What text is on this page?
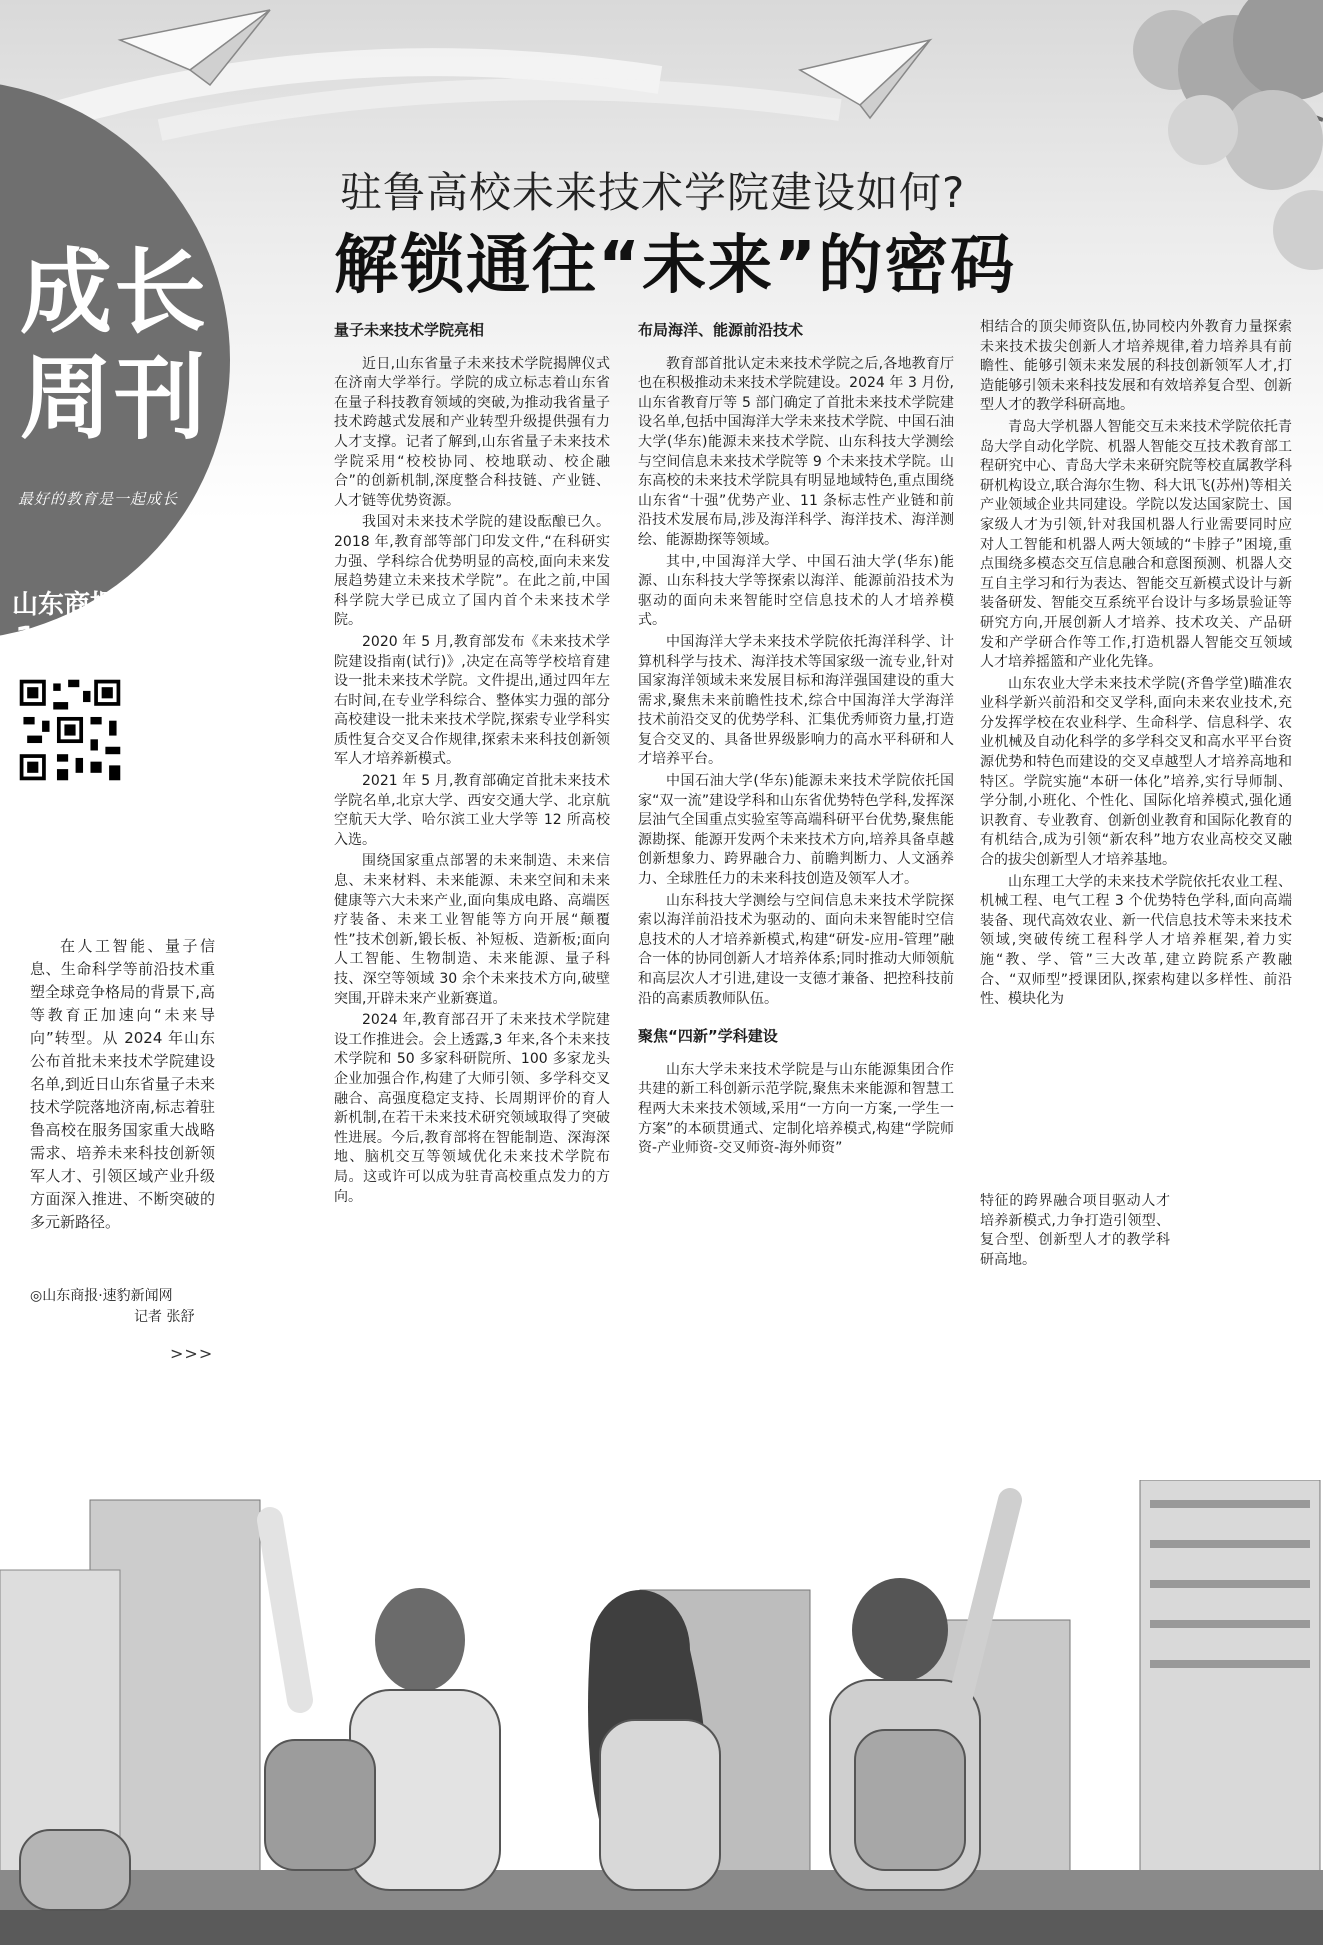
成长
周刊
最好的教育是一起成长
山东商报
11
2025.5.1
星期四
责编 / 赵天羿
设计 / 王李君
驻鲁高校未来技术学院建设如何?
解锁通往“未来”的密码
在人工智能、量子信息、生命科学等前沿技术重塑全球竞争格局的背景下,高等教育正加速向“未来导向”转型。从 2024 年山东公布首批未来技术学院建设名单,到近日山东省量子未来技术学院落地济南,标志着驻鲁高校在服务国家重大战略需求、培养未来科技创新领军人才、引领区域产业升级方面深入推进、不断突破的多元新路径。
◎山东商报·速豹新闻网
记者 张舒
>>>
量子未来技术学院亮相

近日,山东省量子未来技术学院揭牌仪式在济南大学举行。学院的成立标志着山东省在量子科技教育领域的突破,为推动我省量子技术跨越式发展和产业转型升级提供强有力人才支撑。记者了解到,山东省量子未来技术学院采用“校校协同、校地联动、校企融合”的创新机制,深度整合科技链、产业链、人才链等优势资源。

我国对未来技术学院的建设酝酿已久。2018 年,教育部等部门印发文件,“在科研实力强、学科综合优势明显的高校,面向未来发展趋势建立未来技术学院”。在此之前,中国科学院大学已成立了国内首个未来技术学院。

2020 年 5 月,教育部发布《未来技术学院建设指南(试行)》,决定在高等学校培育建设一批未来技术学院。文件提出,通过四年左右时间,在专业学科综合、整体实力强的部分高校建设一批未来技术学院,探索专业学科实质性复合交叉合作规律,探索未来科技创新领军人才培养新模式。

2021 年 5 月,教育部确定首批未来技术学院名单,北京大学、西安交通大学、北京航空航天大学、哈尔滨工业大学等 12 所高校入选。

围绕国家重点部署的未来制造、未来信息、未来材料、未来能源、未来空间和未来健康等六大未来产业,面向集成电路、高端医疗装备、未来工业智能等方向开展“颠覆性”技术创新,锻长板、补短板、造新板;面向人工智能、生物制造、未来能源、量子科技、深空等领域 30 余个未来技术方向,破壁突围,开辟未来产业新赛道。

2024 年,教育部召开了未来技术学院建设工作推进会。会上透露,3 年来,各个未来技术学院和 50 多家科研院所、100 多家龙头企业加强合作,构建了大师引领、多学科交叉融合、高强度稳定支持、长周期评价的育人新机制,在若干未来技术研究领域取得了突破性进展。今后,教育部将在智能制造、深海深地、脑机交互等领域优化未来技术学院布局。这或许可以成为驻青高校重点发力的方向。

布局海洋、能源前沿技术

教育部首批认定未来技术学院之后,各地教育厅也在积极推动未来技术学院建设。2024 年 3 月份,山东省教育厅等 5 部门确定了首批未来技术学院建设名单,包括中国海洋大学未来技术学院、中国石油大学(华东)能源未来技术学院、山东科技大学测绘与空间信息未来技术学院等 9 个未来技术学院。山东高校的未来技术学院具有明显地域特色,重点围绕山东省“十强”优势产业、11 条标志性产业链和前沿技术发展布局,涉及海洋科学、海洋技术、海洋测绘、能源勘探等领域。

其中,中国海洋大学、中国石油大学(华东)能源、山东科技大学等探索以海洋、能源前沿技术为驱动的面向未来智能时空信息技术的人才培养模式。

中国海洋大学未来技术学院依托海洋科学、计算机科学与技术、海洋技术等国家级一流专业,针对国家海洋领域未来发展目标和海洋强国建设的重大需求,聚焦未来前瞻性技术,综合中国海洋大学海洋技术前沿交叉的优势学科、汇集优秀师资力量,打造复合交叉的、具备世界级影响力的高水平科研和人才培养平台。

中国石油大学(华东)能源未来技术学院依托国家“双一流”建设学科和山东省优势特色学科,发挥深层油气全国重点实验室等高端科研平台优势,聚焦能源勘探、能源开发两个未来技术方向,培养具备卓越创新想象力、跨界融合力、前瞻判断力、人文涵养力、全球胜任力的未来科技创造及领军人才。

山东科技大学测绘与空间信息未来技术学院探索以海洋前沿技术为驱动的、面向未来智能时空信息技术的人才培养新模式,构建“研发-应用-管理”融合一体的协同创新人才培养体系;同时推动大师领航和高层次人才引进,建设一支德才兼备、把控科技前沿的高素质教师队伍。

聚焦“四新”学科建设

山东大学未来技术学院是与山东能源集团合作共建的新工科创新示范学院,聚焦未来能源和智慧工程两大未来技术领域,采用“一方向一方案,一学生一方案”的本硕贯通式、定制化培养模式,构建“学院师资-产业师资-交叉师资-海外师资”

相结合的顶尖师资队伍,协同校内外教育力量探索未来技术拔尖创新人才培养规律,着力培养具有前瞻性、能够引领未来发展的科技创新领军人才,打造能够引领未来科技发展和有效培养复合型、创新型人才的教学科研高地。

青岛大学机器人智能交互未来技术学院依托青岛大学自动化学院、机器人智能交互技术教育部工程研究中心、青岛大学未来研究院等校直属教学科研机构设立,联合海尔生物、科大讯飞(苏州)等相关产业领域企业共同建设。学院以发达国家院士、国家级人才为引领,针对我国机器人行业需要同时应对人工智能和机器人两大领域的“卡脖子”困境,重点围绕多模态交互信息融合和意图预测、机器人交互自主学习和行为表达、智能交互新模式设计与新装备研发、智能交互系统平台设计与多场景验证等研究方向,开展创新人才培养、技术攻关、产品研发和产学研合作等工作,打造机器人智能交互领域人才培养摇篮和产业化先锋。

山东农业大学未来技术学院(齐鲁学堂)瞄准农业科学新兴前沿和交叉学科,面向未来农业技术,充分发挥学校在农业科学、生命科学、信息科学、农业机械及自动化科学的多学科交叉和高水平平台资源优势和特色而建设的交叉卓越型人才培养高地和特区。学院实施“本研一体化”培养,实行导师制、学分制,小班化、个性化、国际化培养模式,强化通识教育、专业教育、创新创业教育和国际化教育的有机结合,成为引领“新农科”地方农业高校交叉融合的拔尖创新型人才培养基地。

山东理工大学的未来技术学院依托农业工程、机械工程、电气工程 3 个优势特色学科,面向高端装备、现代高效农业、新一代信息技术等未来技术领域,突破传统工程科学人才培养框架,着力实施“教、学、管”三大改革,建立跨院系产教融合、“双师型”授课团队,探索构建以多样性、前沿性、模块化为

特征的跨界融合项目驱动人才培养新模式,力争打造引领型、复合型、创新型人才的教学科研高地。
